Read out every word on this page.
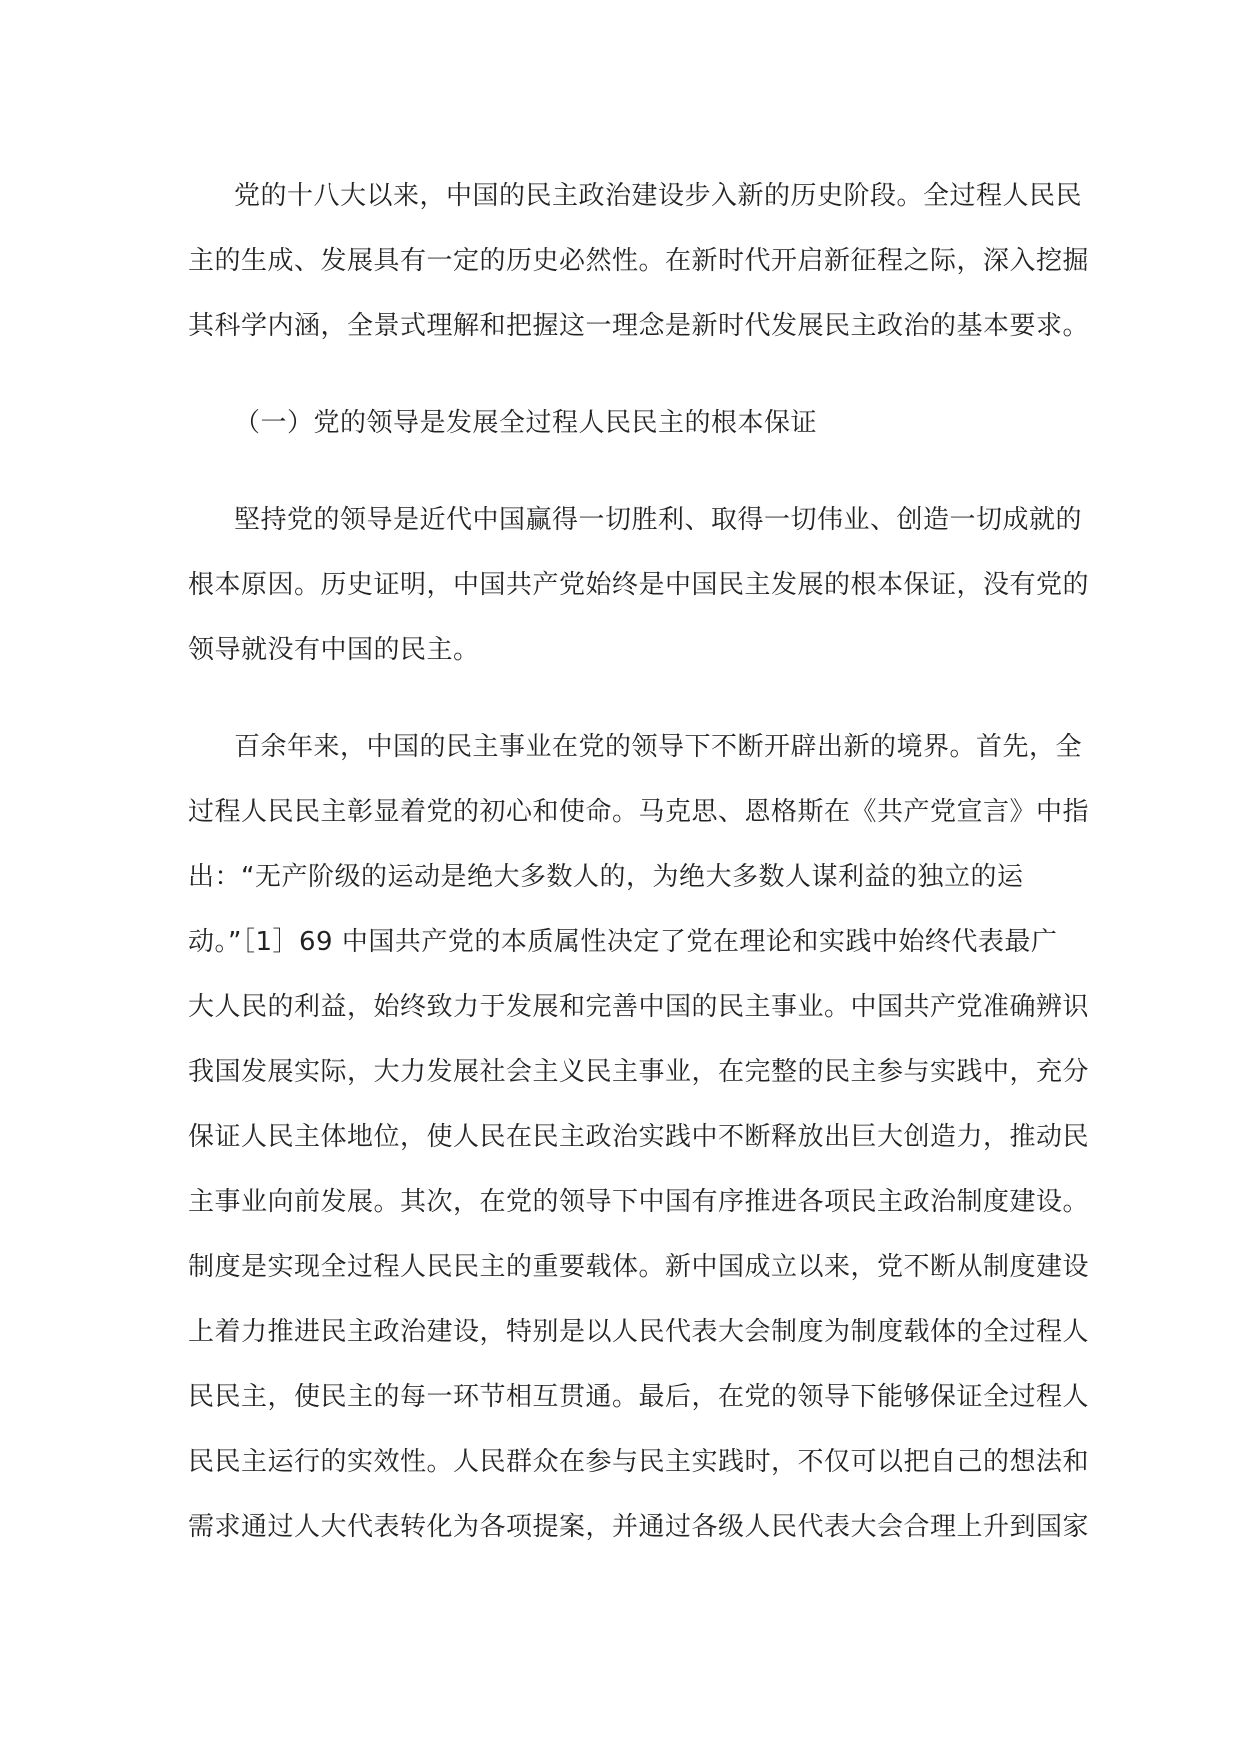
党的十八大以来，中国的民主政治建设步入新的历史阶段。全过程人民民
主的生成、发展具有一定的历史必然性。在新时代开启新征程之际，深入挖掘
其科学内涵，全景式理解和把握这一理念是新时代发展民主政治的基本要求。
（一）党的领导是发展全过程人民民主的根本保证
堅持党的领导是近代中国赢得一切胜利、取得一切伟业、创造一切成就的
根本原因。历史证明，中国共产党始终是中国民主发展的根本保证，没有党的
领导就没有中国的民主。
百余年来，中国的民主事业在党的领导下不断开辟出新的境界。首先，全
过程人民民主彰显着党的初心和使命。马克思、恩格斯在《共产党宣言》中指
出：“无产阶级的运动是绝大多数人的，为绝大多数人谋利益的独立的运
动。”［1］69 中国共产党的本质属性决定了党在理论和实践中始终代表最广
大人民的利益，始终致力于发展和完善中国的民主事业。中国共产党准确辨识
我国发展实际，大力发展社会主义民主事业，在完整的民主参与实践中，充分
保证人民主体地位，使人民在民主政治实践中不断释放出巨大创造力，推动民
主事业向前发展。其次，在党的领导下中国有序推进各项民主政治制度建设。
制度是实现全过程人民民主的重要载体。新中国成立以来，党不断从制度建设
上着力推进民主政治建设，特别是以人民代表大会制度为制度载体的全过程人
民民主，使民主的每一环节相互贯通。最后，在党的领导下能够保证全过程人
民民主运行的实效性。人民群众在参与民主实践时，不仅可以把自己的想法和
需求通过人大代表转化为各项提案，并通过各级人民代表大会合理上升到国家
